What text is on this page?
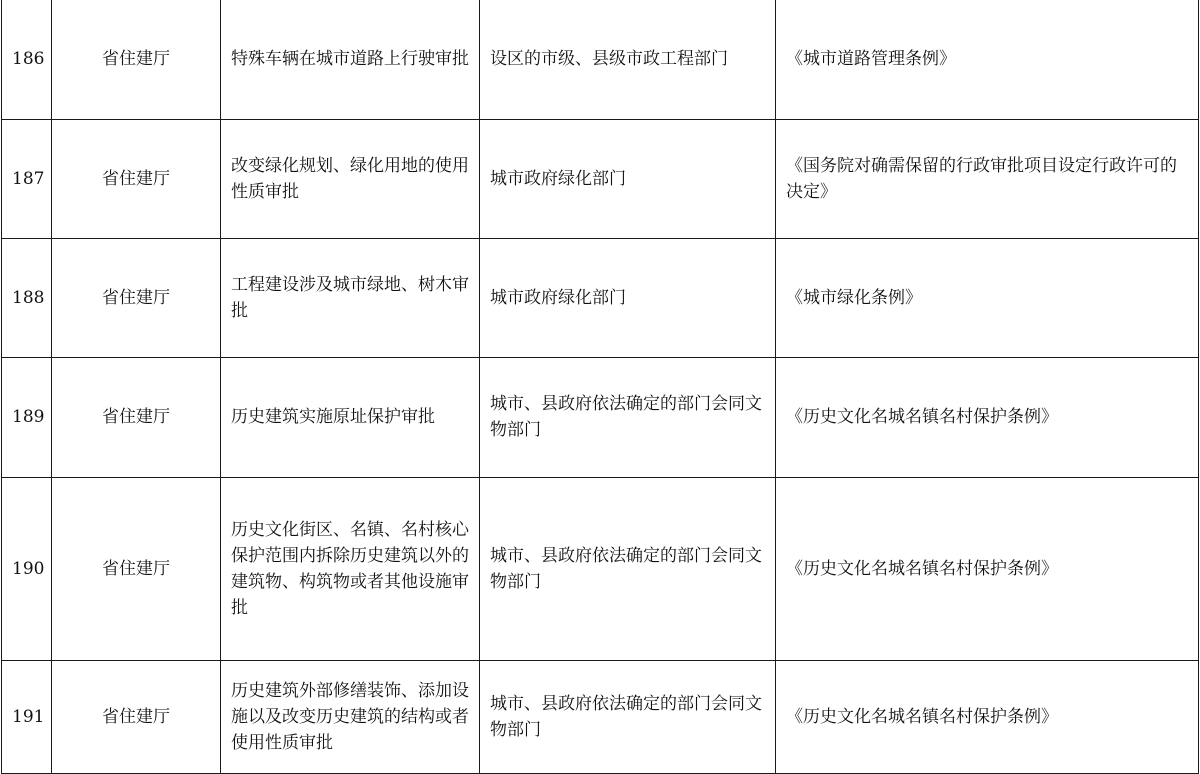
186	省住建厅	特殊车辆在城市道路上行驶审批	设区的市级、县级市政工程部门	《城市道路管理条例》
187	省住建厅	改变绿化规划、绿化用地的使用性质审批	城市政府绿化部门	《国务院对确需保留的行政审批项目设定行政许可的决定》
188	省住建厅	工程建设涉及城市绿地、树木审批	城市政府绿化部门	《城市绿化条例》
189	省住建厅	历史建筑实施原址保护审批	城市、县政府依法确定的部门会同文物部门	《历史文化名城名镇名村保护条例》
190	省住建厅	历史文化街区、名镇、名村核心保护范围内拆除历史建筑以外的建筑物、构筑物或者其他设施审批	城市、县政府依法确定的部门会同文物部门	《历史文化名城名镇名村保护条例》
191	省住建厅	历史建筑外部修缮装饰、添加设施以及改变历史建筑的结构或者使用性质审批	城市、县政府依法确定的部门会同文物部门	《历史文化名城名镇名村保护条例》
